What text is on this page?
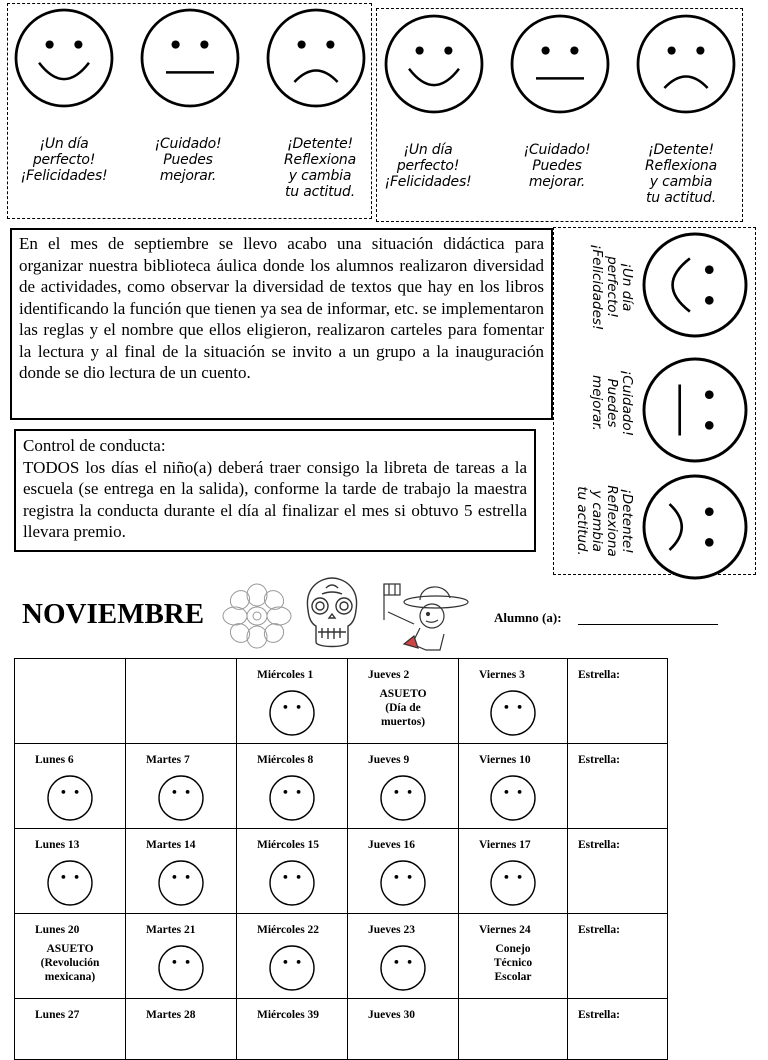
¡Un día
perfecto!
¡Felicidades!
¡Cuidado!
Puedes
mejorar.
¡Detente!
Reflexiona
y cambia
tu actitud.
¡Un día
perfecto!
¡Felicidades!
¡Cuidado!
Puedes
mejorar.
¡Detente!
Reflexiona
y cambia
tu actitud.
¡Un día
perfecto!
¡Felicidades!
¡Cuidado!
Puedes
mejorar.
¡Detente!
Reflexiona
y cambia
tu actitud.

En el mes de septiembre se llevo acabo una situación didáctica para organizar nuestra biblioteca áulica donde los alumnos realizaron diversidad de actividades, como observar la diversidad de textos que hay en los libros identificando la función que tienen ya sea de informar, etc. se implementaron las reglas y el nombre que ellos eligieron, realizaron carteles para fomentar la lectura y al final de la situación se invito a un grupo a la inauguración donde se dio lectura de un cuento.

Control de conducta:

TODOS los días el niño(a) deberá traer consigo la libreta de tareas a la escuela (se entrega en la salida), conforme la tarde de trabajo la maestra registra la conducta durante el día al finalizar el mes si obtuvo 5 estrella llevara premio.

NOVIEMBRE	Alumno (a):

		Miércoles 1	Jueves 2
ASUETO
(Día de
muertos)	Viernes 3	Estrella:

Lunes 6	Martes 7	Miércoles 8	Jueves 9	Viernes 10	Estrella:

Lunes 13	Martes 14	Miércoles 15	Jueves 16	Viernes 17	Estrella:

Lunes 20
ASUETO
(Revolución
mexicana)	Martes 21	Miércoles 22	Jueves 23	Viernes 24
Conejo
Técnico
Escolar	Estrella:

Lunes 27	Martes 28	Miércoles 39	Jueves 30		Estrella:
